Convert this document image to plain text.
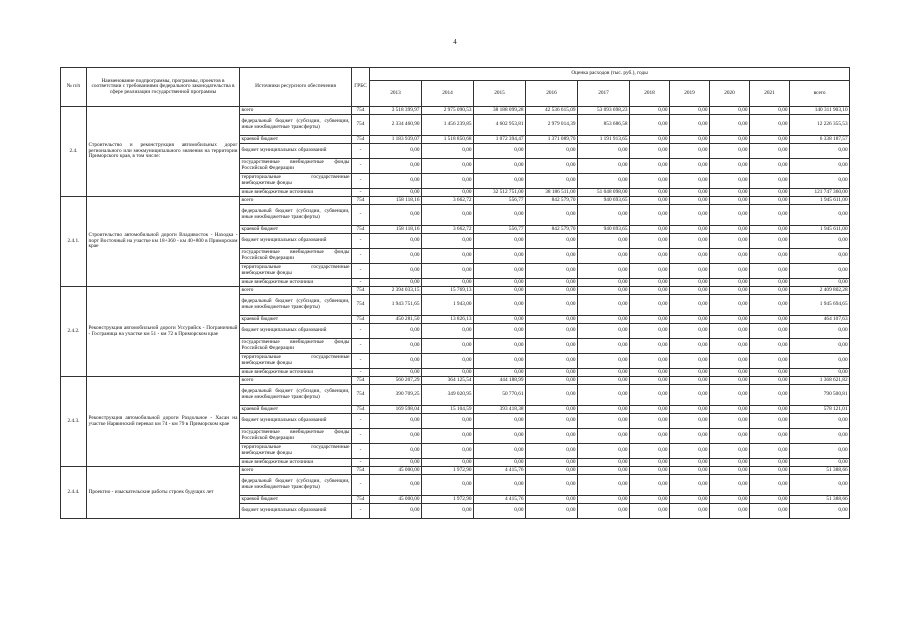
4
№ п/п	Наименование подпрограммы, программы, проектов в соответствии с требованиями федерального законодательства в сфере реализации государственной программы	Источники ресурсного обеспечения	ГРБС	Оценка расходов (тыс. руб.), годы									
				2013	2014	2015	2016	2017	2018	2019	2020	2021	всего
2.4.	Строительство и реконструкция автомобильных дорог регионального или межмуниципального значения на территории Приморского края, в том числе:	всего	754	3 518 399,97	2 975 090,53	38 188 099,28	42 536 615,09	53 093 698,23	0,00	0,00	0,00	0,00	140 311 903,10
		федеральный бюджет (субсидии, субвенции, иные межбюджетные трансферты)	754	2 334 460,90	1 456 239,85	4 602 953,81	2 979 014,39	853 686,58	0,00	0,00	0,00	0,00	12 226 355,53
		краевой бюджет	754	1 183 939,07	1 518 850,68	1 072 394,47	1 371 089,70	1 191 913,65	0,00	0,00	0,00	0,00	6 338 187,57
		бюджет муниципальных образований	-	0,00	0,00	0,00	0,00	0,00	0,00	0,00	0,00	0,00	0,00
		государственные внебюджетные фонды Российской Федерации	-	0,00	0,00	0,00	0,00	0,00	0,00	0,00	0,00	0,00	0,00
		территориальные государственные внебюджетные фонды	-	0,00	0,00	0,00	0,00	0,00	0,00	0,00	0,00	0,00	0,00
		иные внебюджетные источники	-	0,00	0,00	32 512 751,00	38 186 511,00	51 048 098,00	0,00	0,00	0,00	0,00	121 747 360,00
2.4.1.	Строительство автомобильной дороги Владивосток - Находка - порт Восточный на участке км 18+360 - км 40+800 в Приморском крае	всего	754	158 118,16	3 662,72	556,77	842 579,70	940 693,65	0,00	0,00	0,00	0,00	1 945 611,00
		федеральный бюджет (субсидии, субвенции, иные межбюджетные трансферты)	-	0,00	0,00	0,00	0,00	0,00	0,00	0,00	0,00	0,00	0,00
		краевой бюджет	754	158 118,16	3 662,72	556,77	842 579,70	940 693,65	0,00	0,00	0,00	0,00	1 945 611,00
		бюджет муниципальных образований	-	0,00	0,00	0,00	0,00	0,00	0,00	0,00	0,00	0,00	0,00
		государственные внебюджетные фонды Российской Федерации	-	0,00	0,00	0,00	0,00	0,00	0,00	0,00	0,00	0,00	0,00
		территориальные государственные внебюджетные фонды	-	0,00	0,00	0,00	0,00	0,00	0,00	0,00	0,00	0,00	0,00
		иные внебюджетные источники	-	0,00	0,00	0,00	0,00	0,00	0,00	0,00	0,00	0,00	0,00
2.4.2.	Реконструкция автомобильной дороги Уссурийск - Пограничный - Госграница на участке км 51 - км 72 в Приморском крае	всего	754	2 394 033,15	15 769,13	0,00	0,00	0,00	0,00	0,00	0,00	0,00	2 409 802,28
		федеральный бюджет (субсидии, субвенции, иные межбюджетные трансферты)	754	1 943 751,65	1 943,00	0,00	0,00	0,00	0,00	0,00	0,00	0,00	1 945 694,65
		краевой бюджет	754	450 281,50	13 826,13	0,00	0,00	0,00	0,00	0,00	0,00	0,00	464 107,63
		бюджет муниципальных образований	-	0,00	0,00	0,00	0,00	0,00	0,00	0,00	0,00	0,00	0,00
		государственные внебюджетные фонды Российской Федерации	-	0,00	0,00	0,00	0,00	0,00	0,00	0,00	0,00	0,00	0,00
		территориальные государственные внебюджетные фонды	-	0,00	0,00	0,00	0,00	0,00	0,00	0,00	0,00	0,00	0,00
		иные внебюджетные источники	-	0,00	0,00	0,00	0,00	0,00	0,00	0,00	0,00	0,00	0,00
2.4.3.	Реконструкция автомобильной дороги Раздольное - Хасан на участке Нарвинский перевал км 74 - км 79 в Приморском крае	всего	754	560 207,29	364 125,54	444 188,99	0,00	0,00	0,00	0,00	0,00	0,00	1 368 621,82
		федеральный бюджет (субсидии, субвенции, иные межбюджетные трансферты)	754	390 709,25	349 020,95	50 770,61	0,00	0,00	0,00	0,00	0,00	0,00	790 500,81
		краевой бюджет	754	169 598,04	15 104,59	393 418,38	0,00	0,00	0,00	0,00	0,00	0,00	578 121,01
		бюджет муниципальных образований	-	0,00	0,00	0,00	0,00	0,00	0,00	0,00	0,00	0,00	0,00
		государственные внебюджетные фонды Российской Федерации	-	0,00	0,00	0,00	0,00	0,00	0,00	0,00	0,00	0,00	0,00
		территориальные государственные внебюджетные фонды	-	0,00	0,00	0,00	0,00	0,00	0,00	0,00	0,00	0,00	0,00
		иные внебюджетные источники	-	0,00	0,00	0,00	0,00	0,00	0,00	0,00	0,00	0,00	0,00
2.4.4.	Проектно - изыскательские работы строек будущих лет	всего	754	45 000,00	1 972,90	4 415,76	0,00	0,00	0,00	0,00	0,00	0,00	51 388,66
		федеральный бюджет (субсидии, субвенции, иные межбюджетные трансферты)	-	0,00	0,00	0,00	0,00	0,00	0,00	0,00	0,00	0,00	0,00
		краевой бюджет	754	45 000,00	1 972,90	4 415,76	0,00	0,00	0,00	0,00	0,00	0,00	51 388,66
		бюджет муниципальных образований	-	0,00	0,00	0,00	0,00	0,00	0,00	0,00	0,00	0,00	0,00
